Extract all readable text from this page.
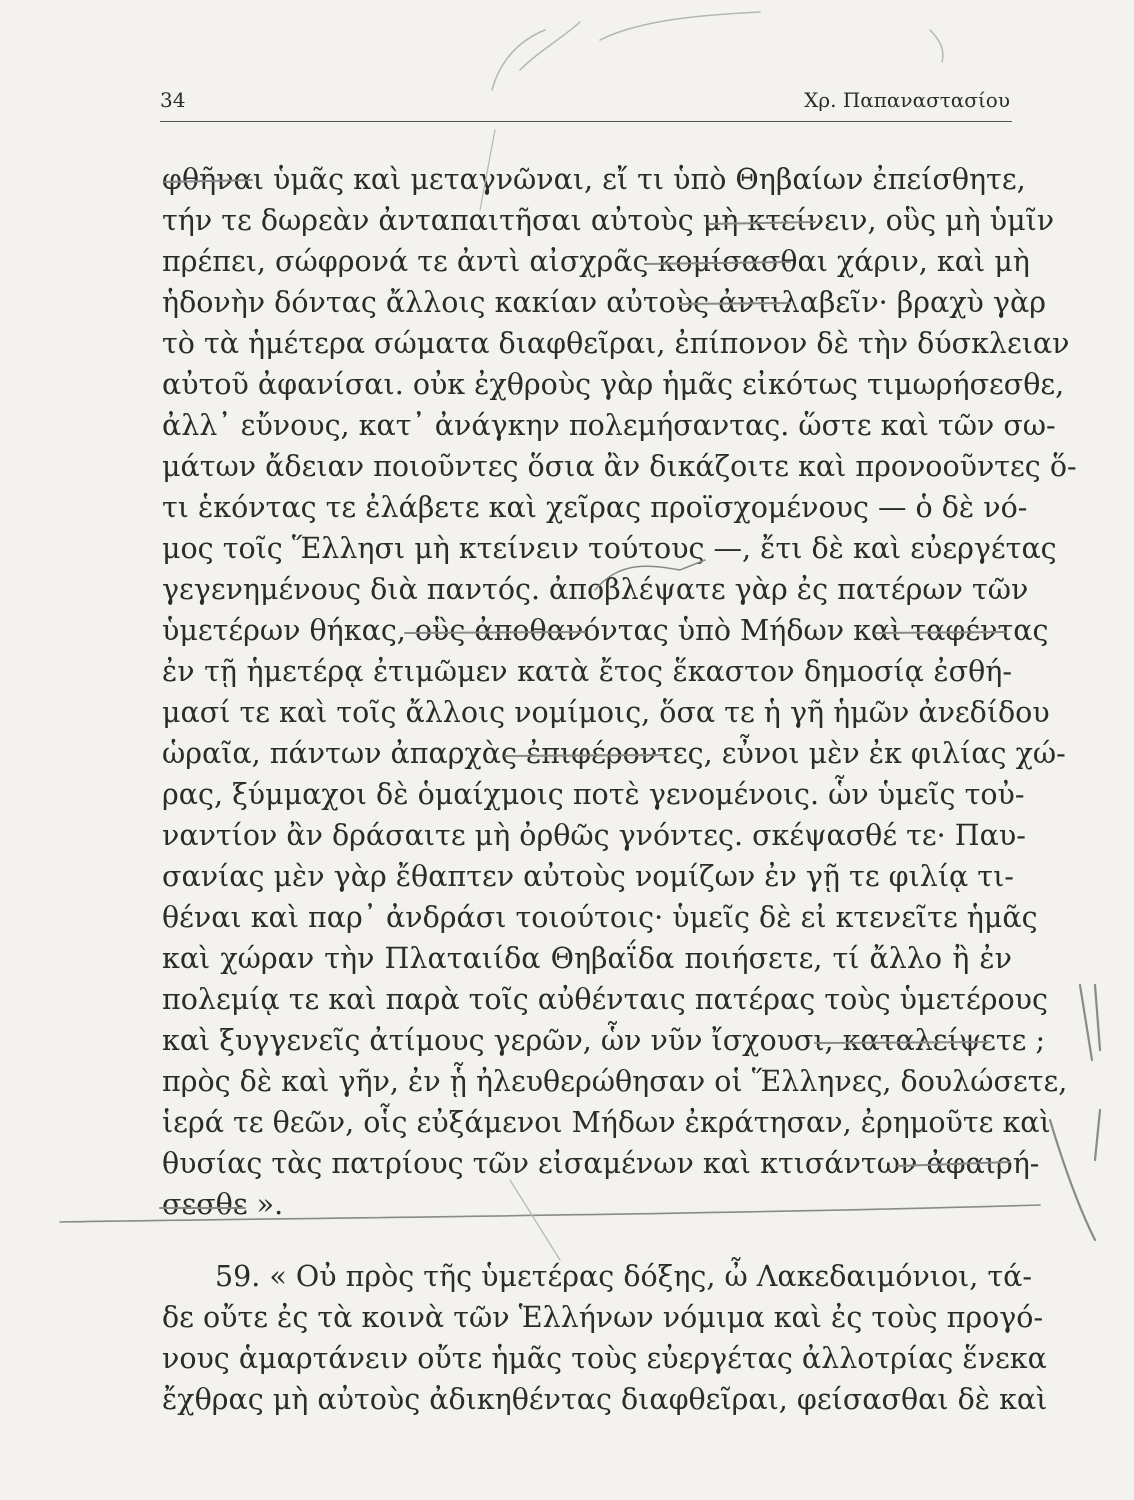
34	Χρ. Παπαναστασίου
φθῆναι ὑμᾶς καὶ μεταγνῶναι, εἴ τι ὑπὸ Θηβαίων ἐπείσθητε,
τήν τε δωρεὰν ἀνταπαιτῆσαι αὐτοὺς μὴ κτείνειν, οὓς μὴ ὑμῖν
πρέπει, σώφρονά τε ἀντὶ αἰσχρᾶς κομίσασθαι χάριν, καὶ μὴ
ἡδονὴν δόντας ἄλλοις κακίαν αὐτοὺς ἀντιλαβεῖν· βραχὺ γὰρ
τὸ τὰ ἡμέτερα σώματα διαφθεῖραι, ἐπίπονον δὲ τὴν δύσκλειαν
αὐτοῦ ἀφανίσαι. οὐκ ἐχθροὺς γὰρ ἡμᾶς εἰκότως τιμωρήσεσθε,
ἀλλ᾽ εὔνους, κατ᾽ ἀνάγκην πολεμήσαντας. ὥστε καὶ τῶν σω-
μάτων ἄδειαν ποιοῦντες ὅσια ἂν δικάζοιτε καὶ προνοοῦντες ὅ-
τι ἑκόντας τε ἐλάβετε καὶ χεῖρας προϊσχομένους — ὁ δὲ νό-
μος τοῖς Ἕλλησι μὴ κτείνειν τούτους —, ἔτι δὲ καὶ εὐεργέτας
γεγενημένους διὰ παντός. ἀποβλέψατε γὰρ ἐς πατέρων τῶν
ὑμετέρων θήκας, οὓς ἀποθανόντας ὑπὸ Μήδων καὶ ταφέντας
ἐν τῇ ἡμετέρᾳ ἐτιμῶμεν κατὰ ἔτος ἕκαστον δημοσίᾳ ἐσθή-
μασί τε καὶ τοῖς ἄλλοις νομίμοις, ὅσα τε ἡ γῆ ἡμῶν ἀνεδίδου
ὡραῖα, πάντων ἀπαρχὰς ἐπιφέροντες, εὖνοι μὲν ἐκ φιλίας χώ-
ρας, ξύμμαχοι δὲ ὁμαίχμοις ποτὲ γενομένοις. ὧν ὑμεῖς τοὐ-
ναντίον ἂν δράσαιτε μὴ ὀρθῶς γνόντες. σκέψασθέ τε· Παυ-
σανίας μὲν γὰρ ἔθαπτεν αὐτοὺς νομίζων ἐν γῇ τε φιλίᾳ τι-
θέναι καὶ παρ᾽ ἀνδράσι τοιούτοις· ὑμεῖς δὲ εἰ κτενεῖτε ἡμᾶς
καὶ χώραν τὴν Πλαταιίδα Θηβαΐδα ποιήσετε, τί ἄλλο ἢ ἐν
πολεμίᾳ τε καὶ παρὰ τοῖς αὐθένταις πατέρας τοὺς ὑμετέρους
καὶ ξυγγενεῖς ἀτίμους γερῶν, ὧν νῦν ἴσχουσι, καταλείψετε ;
πρὸς δὲ καὶ γῆν, ἐν ᾗ ἠλευθερώθησαν οἱ Ἕλληνες, δουλώσετε,
ἱερά τε θεῶν, οἷς εὐξάμενοι Μήδων ἐκράτησαν, ἐρημοῦτε καὶ
θυσίας τὰς πατρίους τῶν εἰσαμένων καὶ κτισάντων ἀφαιρή-
σεσθε ».
59. « Οὐ πρὸς τῆς ὑμετέρας δόξης, ὦ Λακεδαιμόνιοι, τά-
δε οὔτε ἐς τὰ κοινὰ τῶν Ἑλλήνων νόμιμα καὶ ἐς τοὺς προγό-
νους ἁμαρτάνειν οὔτε ἡμᾶς τοὺς εὐεργέτας ἀλλοτρίας ἕνεκα
ἔχθρας μὴ αὐτοὺς ἀδικηθέντας διαφθεῖραι, φείσασθαι δὲ καὶ
